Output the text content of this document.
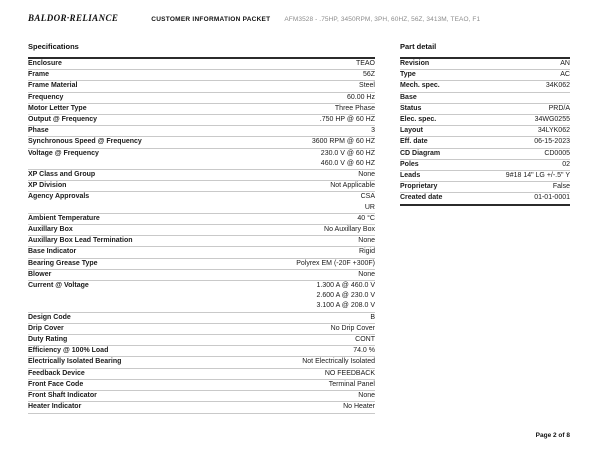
BALDOR·RELIANCE	CUSTOMER INFORMATION PACKET AFM3528 - .75HP, 3450RPM, 3PH, 60HZ, 56Z, 3413M, TEAO, F1
Specifications
Enclosure	TEAO
Frame	56Z
Frame Material	Steel
Frequency	60.00 Hz
Motor Letter Type	Three Phase
Output @ Frequency	.750 HP @ 60 HZ
Phase	3
Synchronous Speed @ Frequency	3600 RPM @ 60 HZ
Voltage @ Frequency	230.0 V @ 60 HZ
460.0 V @ 60 HZ
XP Class and Group	None
XP Division	Not Applicable
Agency Approvals	CSA
UR
Ambient Temperature	40 °C
Auxillary Box	No Auxillary Box
Auxillary Box Lead Termination	None
Base Indicator	Rigid
Bearing Grease Type	Polyrex EM (-20F +300F)
Blower	None
Current @ Voltage	1.300 A @ 460.0 V
2.600 A @ 230.0 V
3.100 A @ 208.0 V
Design Code	B
Drip Cover	No Drip Cover
Duty Rating	CONT
Efficiency @ 100% Load	74.0 %
Electrically Isolated Bearing	Not Electrically Isolated
Feedback Device	NO FEEDBACK
Front Face Code	Terminal Panel
Front Shaft Indicator	None
Heater Indicator	No Heater
Part detail
Revision	AN
Type	AC
Mech. spec.	34K062
Base
Status	PRD/A
Elec. spec.	34WG0255
Layout	34LYK062
Eff. date	06-15-2023
CD Diagram	CD0005
Poles	02
Leads	9#18 14" LG +/-.5" Y
Proprietary	False
Created date	01-01-0001
Page 2 of 8
